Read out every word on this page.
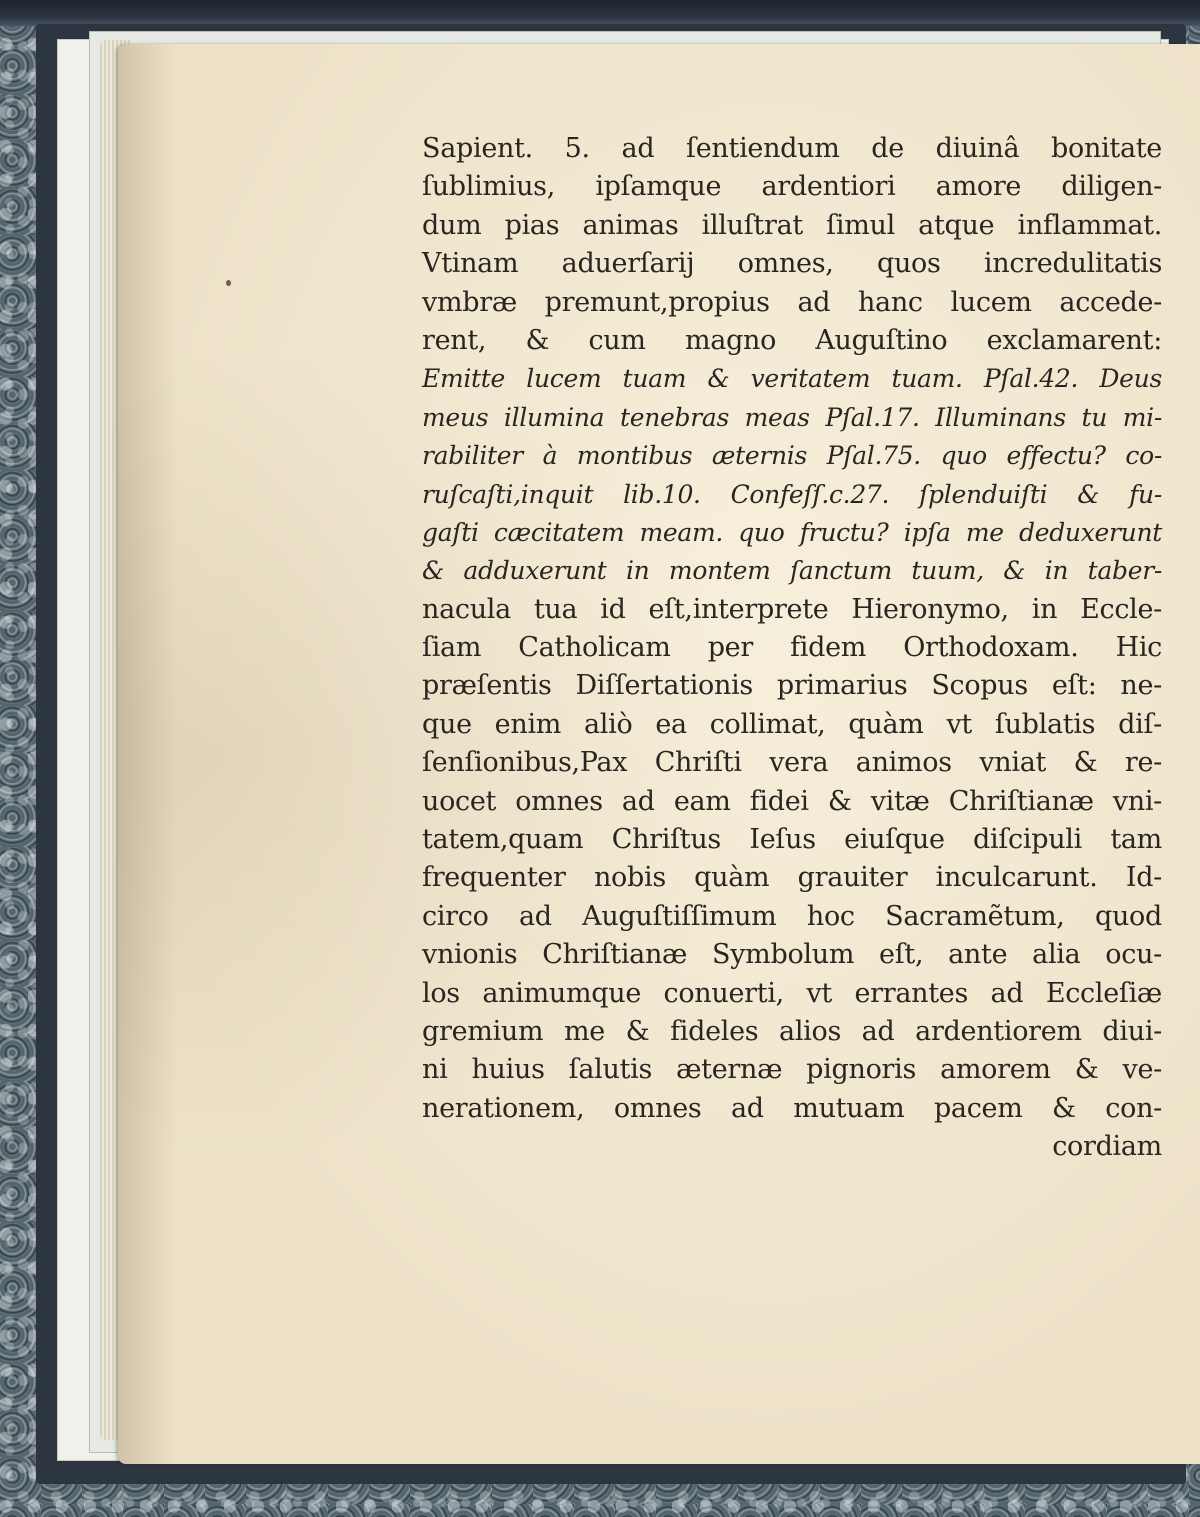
Sapient. 5. ad ſentiendum de diuinâ bonitate
ſublimius, ipſamque ardentiori amore diligen-
dum pias animas illuſtrat ſimul atque inflammat.
Vtinam aduerſarij omnes, quos incredulitatis
vmbræ premunt,propius ad hanc lucem accede-
rent, & cum magno Auguſtino exclamarent:
Emitte lucem tuam & veritatem tuam. Pſal.42. Deus
meus illumina tenebras meas Pſal.17. Illuminans tu mi-
rabiliter à montibus æternis Pſal.75. quo effectu? co-
ruſcaſti,inquit lib.10. Confeſſ.c.27. ſplenduiſti & fu-
gaſti cæcitatem meam. quo fructu? ipſa me deduxerunt
& adduxerunt in montem ſanctum tuum, & in taber-
nacula tua id eſt,interprete Hieronymo, in Eccle-
ſiam Catholicam per fidem Orthodoxam. Hic
præſentis Diſſertationis primarius Scopus eſt: ne-
que enim aliò ea collimat, quàm vt ſublatis diſ-
ſenſionibus,Pax Chriſti vera animos vniat & re-
uocet omnes ad eam fidei & vitæ Chriſtianæ vni-
tatem,quam Chriſtus Ieſus eiuſque diſcipuli tam
frequenter nobis quàm grauiter inculcarunt. Id-
circo ad Auguſtiſſimum hoc Sacramẽtum, quod
vnionis Chriſtianæ Symbolum eſt, ante alia ocu-
los animumque conuerti, vt errantes ad Eccleſiæ
gremium me & fideles alios ad ardentiorem diui-
ni huius ſalutis æternæ pignoris amorem & ve-
nerationem, omnes ad mutuam pacem & con-
cordiam
